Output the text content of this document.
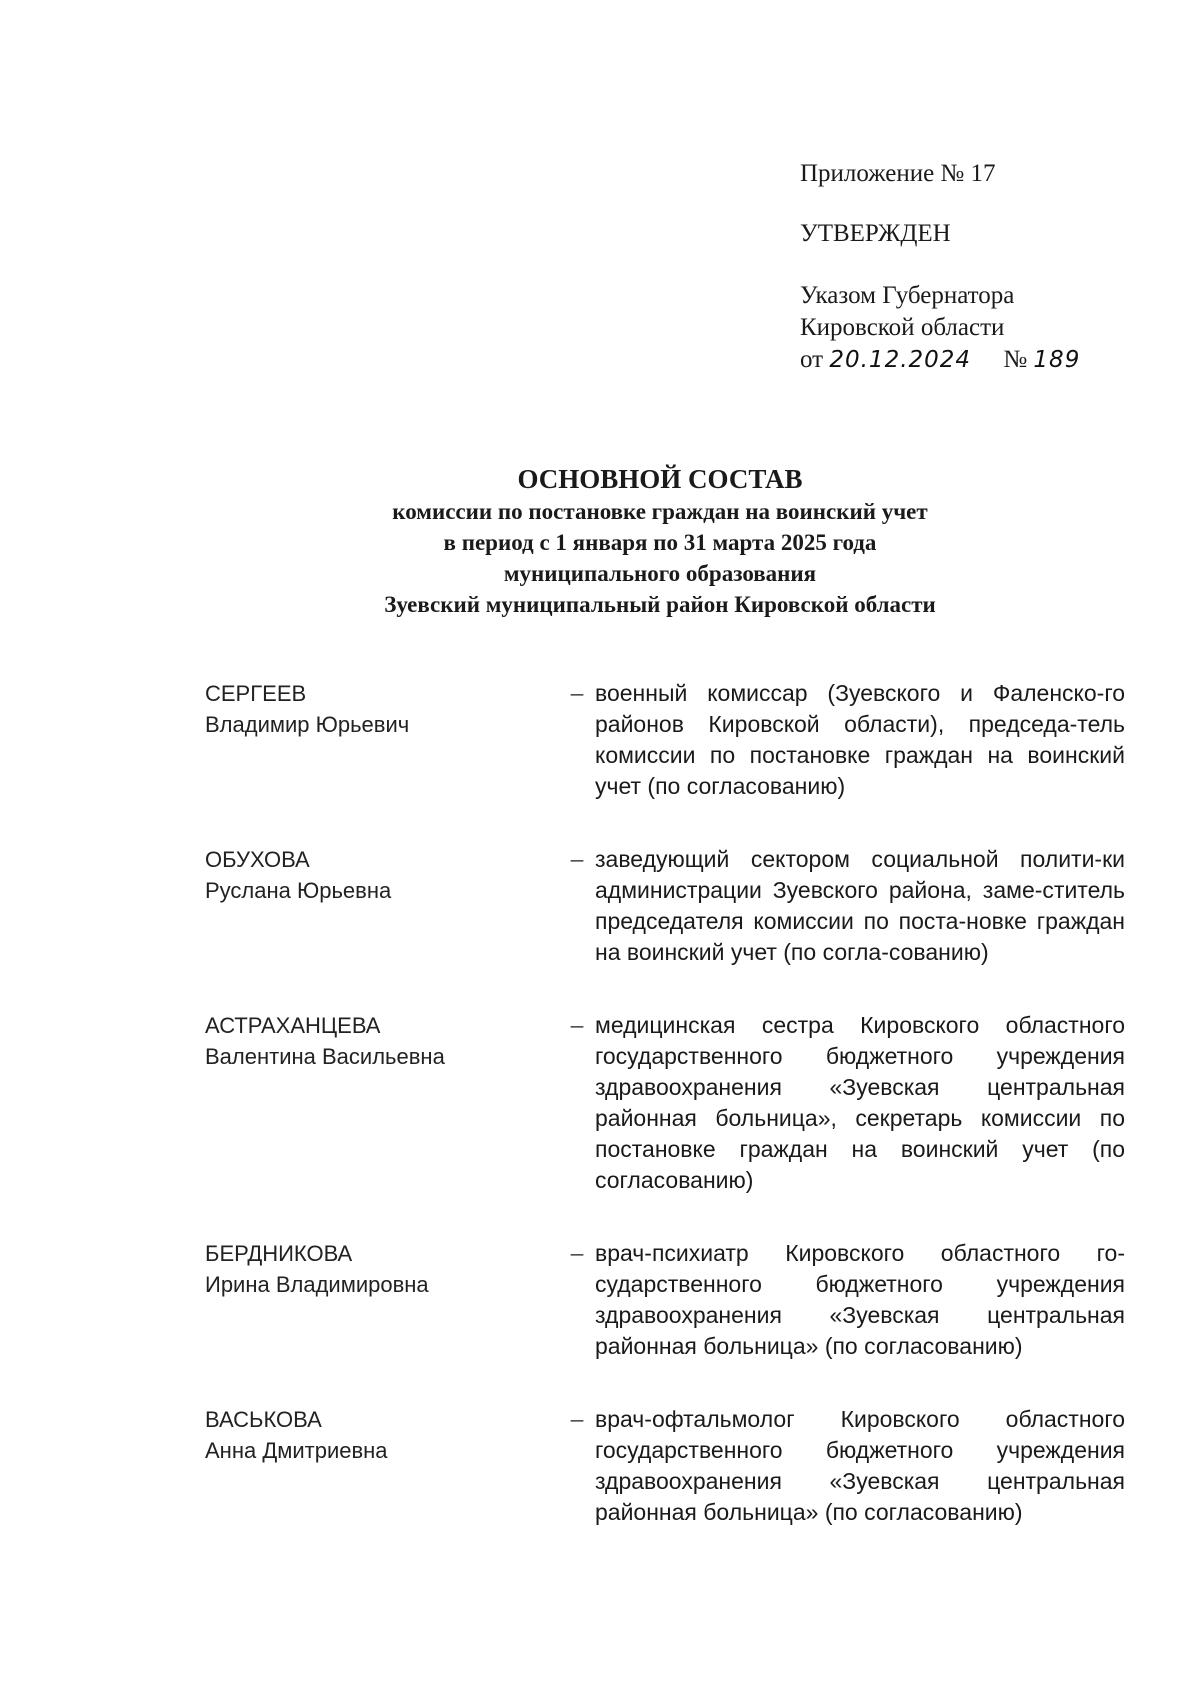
Приложение № 17

УТВЕРЖДЕН

Указом Губернатора

Кировской области

от 20.12.2024 № 189

ОСНОВНОЙ СОСТАВ

комиссии по постановке граждан на воинский учет

в период с 1 января по 31 марта 2025 года

муниципального образования

Зуевский муниципальный район Кировской области

СЕРГЕЕВ
Владимир Юрьевич
– военный комиссар (Зуевского и Фаленско-го районов Кировской области), председа-тель комиссии по постановке граждан на воинский учет (по согласованию)
ОБУХОВА
Руслана Юрьевна
– заведующий сектором социальной полити-ки администрации Зуевского района, заме-ститель председателя комиссии по поста-новке граждан на воинский учет (по согла-сованию)
АСТРАХАНЦЕВА
Валентина Васильевна
– медицинская сестра Кировского областного государственного бюджетного учреждения здравоохранения «Зуевская центральная районная больница», секретарь комиссии по постановке граждан на воинский учет (по согласованию)
БЕРДНИКОВА
Ирина Владимировна
– врач-психиатр Кировского областного го-сударственного бюджетного учреждения здравоохранения «Зуевская центральная районная больница» (по согласованию)
ВАСЬКОВА
Анна Дмитриевна
– врач-офтальмолог Кировского областного государственного бюджетного учреждения здравоохранения «Зуевская центральная районная больница» (по согласованию)
